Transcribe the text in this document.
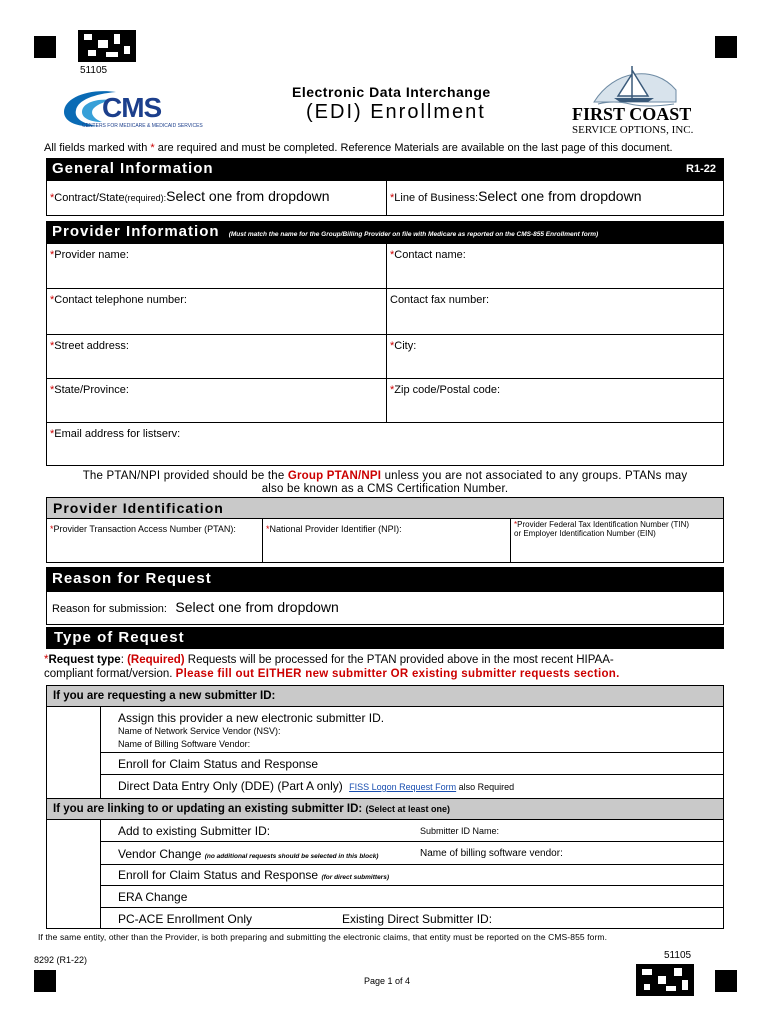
51105
CMS
CENTERS FOR MEDICARE & MEDICAID SERVICES
Electronic Data Interchange
(EDI) Enrollment	FIRST COAST
SERVICE OPTIONS, INC.
All fields marked with * are required and must be completed. Reference Materials are available on the last page of this document.
General Information	R1-22
*Contract/State(required):Select one from dropdown	*Line of Business:Select one from dropdown
Provider Information (Must match the name for the Group/Billing Provider on file with Medicare as reported on the CMS-855 Enrollment form)
*Provider name:	*Contact name:
*Contact telephone number:	Contact fax number:
*Street address:	*City:
*State/Province:	*Zip code/Postal code:
*Email address for listserv:
The PTAN/NPI provided should be the Group PTAN/NPI unless you are not associated to any groups. PTANs may
also be known as a CMS Certification Number.
Provider Identification
*Provider Transaction Access Number (PTAN):	*National Provider Identifier (NPI):	*Provider Federal Tax Identification Number (TIN)
or Employer Identification Number (EIN)
Reason for Request
Reason for submission: Select one from dropdown
Type of Request
*Request type: (Required) Requests will be processed for the PTAN provided above in the most recent HIPAA-
compliant format/version. Please fill out EITHER new submitter OR existing submitter requests section.
If you are requesting a new submitter ID:
Assign this provider a new electronic submitter ID.
Name of Network Service Vendor (NSV):
Name of Billing Software Vendor:
Enroll for Claim Status and Response
Direct Data Entry Only (DDE) (Part A only) FISS Logon Request Form also Required
If you are linking to or updating an existing submitter ID: (Select at least one)
Add to existing Submitter ID:	Submitter ID Name:
Vendor Change (no additional requests should be selected in this block)	Name of billing software vendor:
Enroll for Claim Status and Response (for direct submitters)
ERA Change
PC-ACE Enrollment Only	Existing Direct Submitter ID:
If the same entity, other than the Provider, is both preparing and submitting the electronic claims, that entity must be reported on the CMS-855 form.
8292 (R1-22)	51105
Page 1 of 4
